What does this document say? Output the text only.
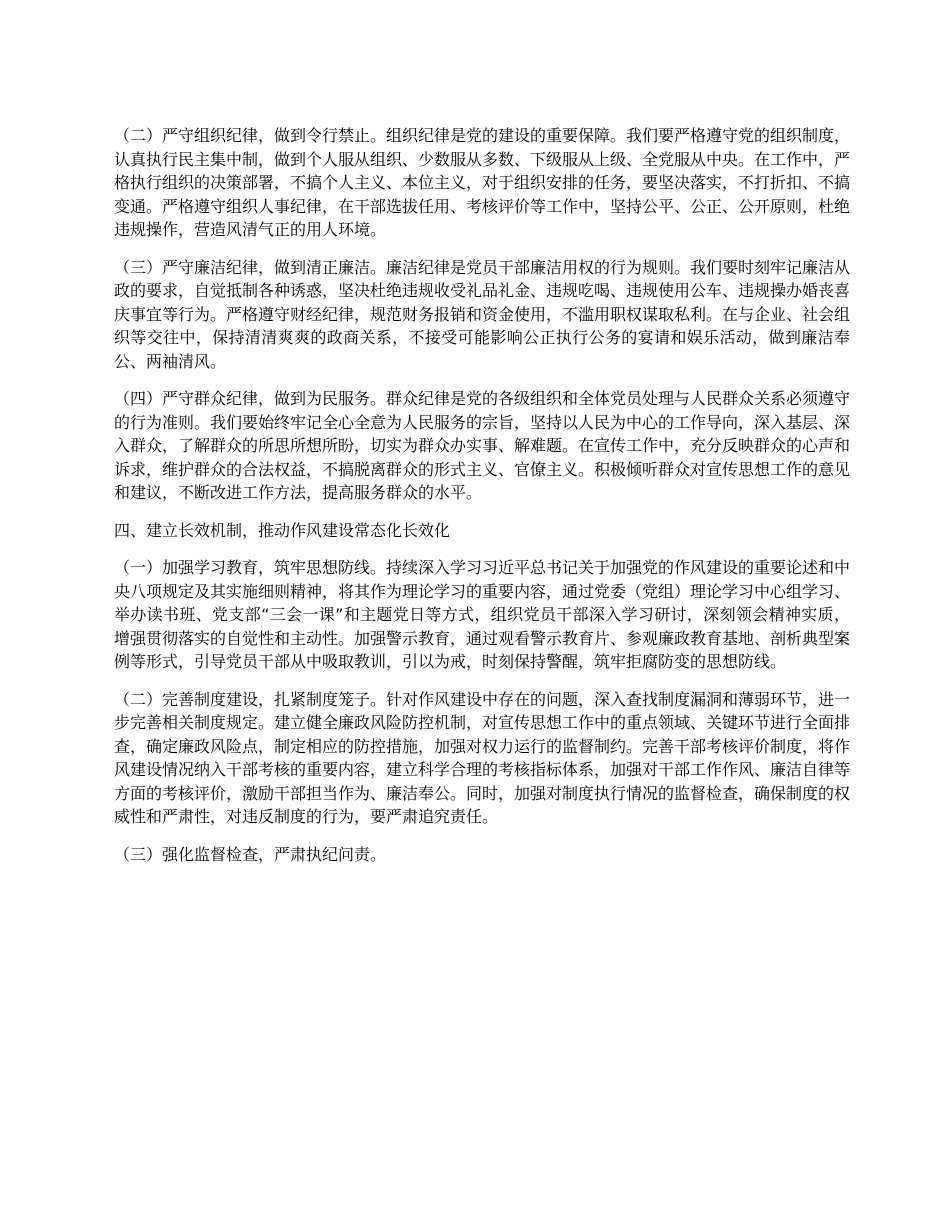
（二）严守组织纪律，做到令行禁止。组织纪律是党的建设的重要保障。我们要严格遵守党的组织制度，认真执行民主集中制，做到个人服从组织、少数服从多数、下级服从上级、全党服从中央。在工作中，严格执行组织的决策部署，不搞个人主义、本位主义，对于组织安排的任务，要坚决落实，不打折扣、不搞变通。严格遵守组织人事纪律，在干部选拔任用、考核评价等工作中，坚持公平、公正、公开原则，杜绝违规操作，营造风清气正的用人环境。

（三）严守廉洁纪律，做到清正廉洁。廉洁纪律是党员干部廉洁用权的行为规则。我们要时刻牢记廉洁从政的要求，自觉抵制各种诱惑，坚决杜绝违规收受礼品礼金、违规吃喝、违规使用公车、违规操办婚丧喜庆事宜等行为。严格遵守财经纪律，规范财务报销和资金使用，不滥用职权谋取私利。在与企业、社会组织等交往中，保持清清爽爽的政商关系，不接受可能影响公正执行公务的宴请和娱乐活动，做到廉洁奉公、两袖清风。

（四）严守群众纪律，做到为民服务。群众纪律是党的各级组织和全体党员处理与人民群众关系必须遵守的行为准则。我们要始终牢记全心全意为人民服务的宗旨，坚持以人民为中心的工作导向，深入基层、深入群众，了解群众的所思所想所盼，切实为群众办实事、解难题。在宣传工作中，充分反映群众的心声和诉求，维护群众的合法权益，不搞脱离群众的形式主义、官僚主义。积极倾听群众对宣传思想工作的意见和建议，不断改进工作方法，提高服务群众的水平。

四、建立长效机制，推动作风建设常态化长效化

（一）加强学习教育，筑牢思想防线。持续深入学习习近平总书记关于加强党的作风建设的重要论述和中央八项规定及其实施细则精神，将其作为理论学习的重要内容，通过党委（党组）理论学习中心组学习、举办读书班、党支部“三会一课”和主题党日等方式，组织党员干部深入学习研讨，深刻领会精神实质，增强贯彻落实的自觉性和主动性。加强警示教育，通过观看警示教育片、参观廉政教育基地、剖析典型案例等形式，引导党员干部从中吸取教训，引以为戒，时刻保持警醒，筑牢拒腐防变的思想防线。

（二）完善制度建设，扎紧制度笼子。针对作风建设中存在的问题，深入查找制度漏洞和薄弱环节，进一步完善相关制度规定。建立健全廉政风险防控机制，对宣传思想工作中的重点领域、关键环节进行全面排查，确定廉政风险点，制定相应的防控措施，加强对权力运行的监督制约。完善干部考核评价制度，将作风建设情况纳入干部考核的重要内容，建立科学合理的考核指标体系，加强对干部工作作风、廉洁自律等方面的考核评价，激励干部担当作为、廉洁奉公。同时，加强对制度执行情况的监督检查，确保制度的权威性和严肃性，对违反制度的行为，要严肃追究责任。

（三）强化监督检查，严肃执纪问责。
